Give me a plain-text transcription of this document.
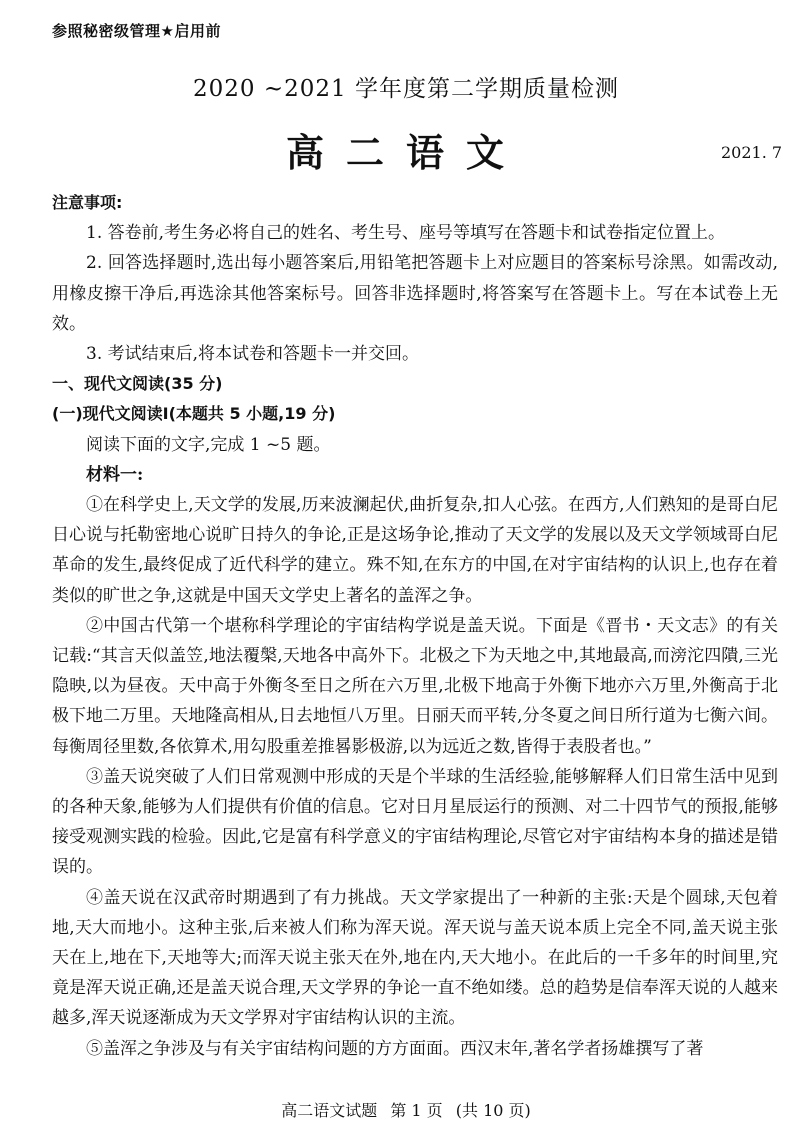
参照秘密级管理★启用前
2020 ~2021 学年度第二学期质量检测
高二语文	2021. 7

注意事项:

1. 答卷前,考生务必将自己的姓名、考生号、座号等填写在答题卡和试卷指定位置上。

2. 回答选择题时,选出每小题答案后,用铅笔把答题卡上对应题目的答案标号涂黑。如需改动,用橡皮擦干净后,再选涂其他答案标号。回答非选择题时,将答案写在答题卡上。写在本试卷上无效。

3. 考试结束后,将本试卷和答题卡一并交回。

一、现代文阅读(35 分)

(一)现代文阅读Ⅰ(本题共 5 小题,19 分)

阅读下面的文字,完成 1 ~5 题。

材料一:

①在科学史上,天文学的发展,历来波澜起伏,曲折复杂,扣人心弦。在西方,人们熟知的是哥白尼日心说与托勒密地心说旷日持久的争论,正是这场争论,推动了天文学的发展以及天文学领域哥白尼革命的发生,最终促成了近代科学的建立。殊不知,在东方的中国,在对宇宙结构的认识上,也存在着类似的旷世之争,这就是中国天文学史上著名的盖浑之争。

②中国古代第一个堪称科学理论的宇宙结构学说是盖天说。下面是《晋书・天文志》的有关记载:“其言天似盖笠,地法覆槃,天地各中高外下。北极之下为天地之中,其地最高,而滂沱四隤,三光隐映,以为昼夜。天中高于外衡冬至日之所在六万里,北极下地高于外衡下地亦六万里,外衡高于北极下地二万里。天地隆高相从,日去地恒八万里。日丽天而平转,分冬夏之间日所行道为七衡六间。每衡周径里数,各依算术,用勾股重差推晷影极游,以为远近之数,皆得于表股者也。”

③盖天说突破了人们日常观测中形成的天是个半球的生活经验,能够解释人们日常生活中见到的各种天象,能够为人们提供有价值的信息。它对日月星辰运行的预测、对二十四节气的预报,能够接受观测实践的检验。因此,它是富有科学意义的宇宙结构理论,尽管它对宇宙结构本身的描述是错误的。

④盖天说在汉武帝时期遇到了有力挑战。天文学家提出了一种新的主张:天是个圆球,天包着地,天大而地小。这种主张,后来被人们称为浑天说。浑天说与盖天说本质上完全不同,盖天说主张天在上,地在下,天地等大;而浑天说主张天在外,地在内,天大地小。在此后的一千多年的时间里,究竟是浑天说正确,还是盖天说合理,天文学界的争论一直不绝如缕。总的趋势是信奉浑天说的人越来越多,浑天说逐渐成为天文学界对宇宙结构认识的主流。

⑤盖浑之争涉及与有关宇宙结构问题的方方面面。西汉末年,著名学者扬雄撰写了著

高二语文试题 第 1 页 (共 10 页)
